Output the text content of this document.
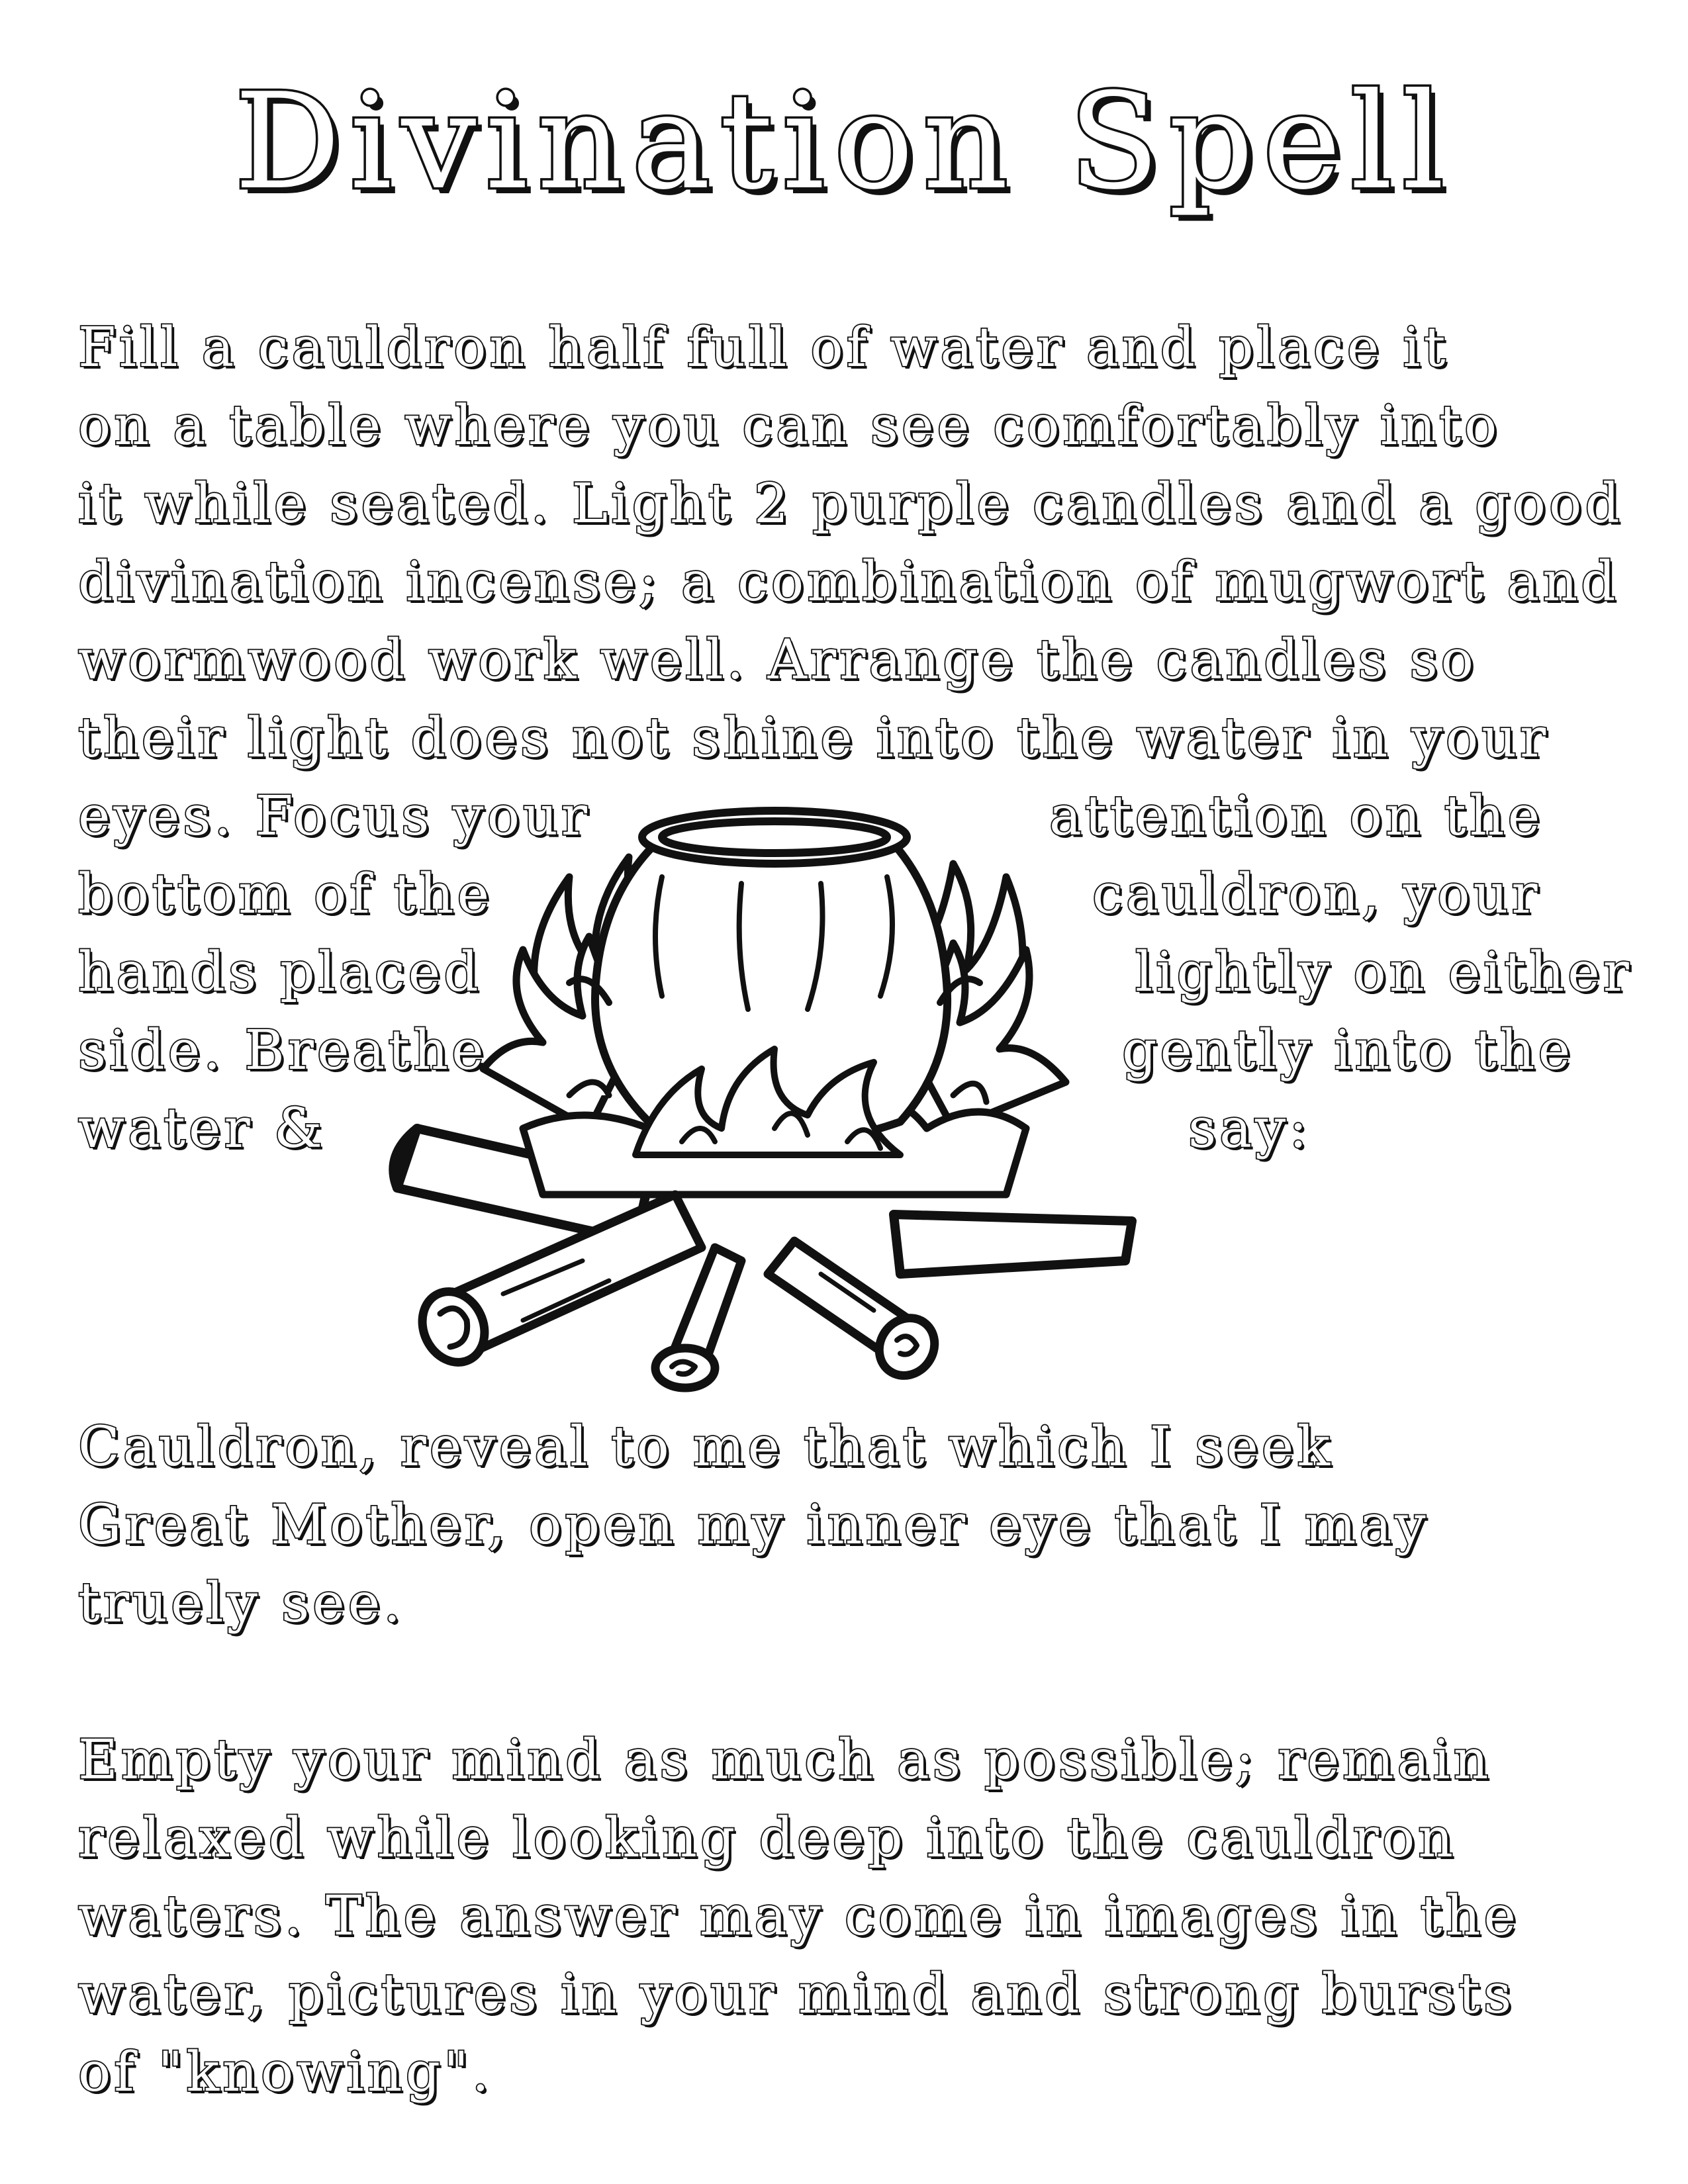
Divination Spell
Fill a cauldron half full of water and place it
on a table where you can see comfortably into
it while seated. Light 2 purple candles and a good
divination incense; a combination of mugwort and
wormwood work well. Arrange the candles so
their light does not shine into the water in your
eyes. Focus your	attention on the
bottom of the	cauldron, your
hands placed	lightly on either
side. Breathe	gently into the
water &	say:
Cauldron, reveal to me that which I seek
Great Mother, open my inner eye that I may
truely see.
Empty your mind as much as possible; remain
relaxed while looking deep into the cauldron
waters. The answer may come in images in the
water, pictures in your mind and strong bursts
of "knowing".
